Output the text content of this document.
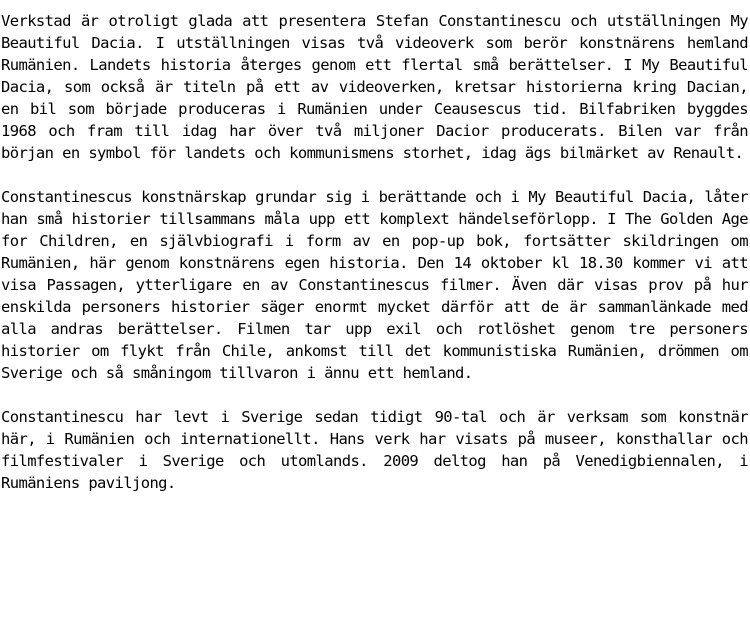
Verkstad är otroligt glada att presentera Stefan Constantinescu och utställningen My Beautiful Dacia. I utställningen visas två videoverk som berör konstnärens hemland Rumänien. Landets historia återges genom ett flertal små berättelser. I My Beautiful Dacia, som också är titeln på ett av videoverken, kretsar historierna kring Dacian, en bil som började produceras i Rumänien under Ceausescus tid. Bilfabriken byggdes 1968 och fram till idag har över två miljoner Dacior producerats. Bilen var från början en symbol för landets och kommunismens storhet, idag ägs bilmärket av Renault.

Constantinescus konstnärskap grundar sig i berättande och i My Beautiful Dacia, låter han små historier tillsammans måla upp ett komplext händelseförlopp. I The Golden Age for Children, en självbiografi i form av en pop-up bok, fortsätter skildringen om Rumänien, här genom konstnärens egen historia. Den 14 oktober kl 18.30 kommer vi att visa Passagen, ytterligare en av Constantinescus filmer. Även där visas prov på hur enskilda personers historier säger enormt mycket därför att de är sammanlänkade med alla andras berättelser. Filmen tar upp exil och rotlöshet genom tre personers historier om flykt från Chile, ankomst till det kommunistiska Rumänien, drömmen om Sverige och så småningom tillvaron i ännu ett hemland.

Constantinescu har levt i Sverige sedan tidigt 90-tal och är verksam som konstnär här, i Rumänien och internationellt. Hans verk har visats på museer, konsthallar och filmfestivaler i Sverige och utomlands. 2009 deltog han på Venedigbiennalen, i Rumäniens paviljong.
